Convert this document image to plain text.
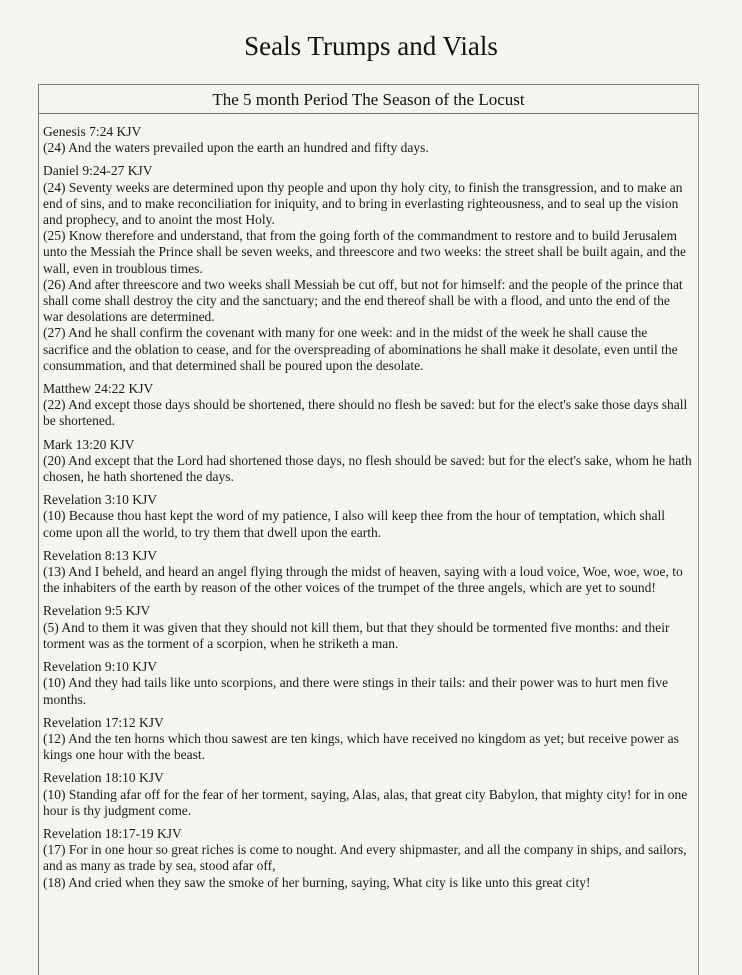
Seals Trumps and Vials
The 5 month Period The Season of the Locust
Genesis 7:24 KJV
(24) And the waters prevailed upon the earth an hundred and fifty days.
Daniel 9:24-27 KJV
(24) Seventy weeks are determined upon thy people and upon thy holy city, to finish the transgression, and to make an end of sins, and to make reconciliation for iniquity, and to bring in everlasting righteousness, and to seal up the vision and prophecy, and to anoint the most Holy.
(25) Know therefore and understand, that from the going forth of the commandment to restore and to build Jerusalem unto the Messiah the Prince shall be seven weeks, and threescore and two weeks: the street shall be built again, and the wall, even in troublous times.
(26) And after threescore and two weeks shall Messiah be cut off, but not for himself: and the people of the prince that shall come shall destroy the city and the sanctuary; and the end thereof shall be with a flood, and unto the end of the war desolations are determined.
(27) And he shall confirm the covenant with many for one week: and in the midst of the week he shall cause the sacrifice and the oblation to cease, and for the overspreading of abominations he shall make it desolate, even until the consummation, and that determined shall be poured upon the desolate.
Matthew 24:22 KJV
(22) And except those days should be shortened, there should no flesh be saved: but for the elect's sake those days shall be shortened.
Mark 13:20 KJV
(20) And except that the Lord had shortened those days, no flesh should be saved: but for the elect's sake, whom he hath chosen, he hath shortened the days.
Revelation 3:10 KJV
(10) Because thou hast kept the word of my patience, I also will keep thee from the hour of temptation, which shall come upon all the world, to try them that dwell upon the earth.
Revelation 8:13 KJV
(13) And I beheld, and heard an angel flying through the midst of heaven, saying with a loud voice, Woe, woe, woe, to the inhabiters of the earth by reason of the other voices of the trumpet of the three angels, which are yet to sound!
Revelation 9:5 KJV
(5) And to them it was given that they should not kill them, but that they should be tormented five months: and their torment was as the torment of a scorpion, when he striketh a man.
Revelation 9:10 KJV
(10) And they had tails like unto scorpions, and there were stings in their tails: and their power was to hurt men five months.
Revelation 17:12 KJV
(12) And the ten horns which thou sawest are ten kings, which have received no kingdom as yet; but receive power as kings one hour with the beast.
Revelation 18:10 KJV
(10) Standing afar off for the fear of her torment, saying, Alas, alas, that great city Babylon, that mighty city! for in one hour is thy judgment come.
Revelation 18:17-19 KJV
(17) For in one hour so great riches is come to nought. And every shipmaster, and all the company in ships, and sailors, and as many as trade by sea, stood afar off,
(18) And cried when they saw the smoke of her burning, saying, What city is like unto this great city!
